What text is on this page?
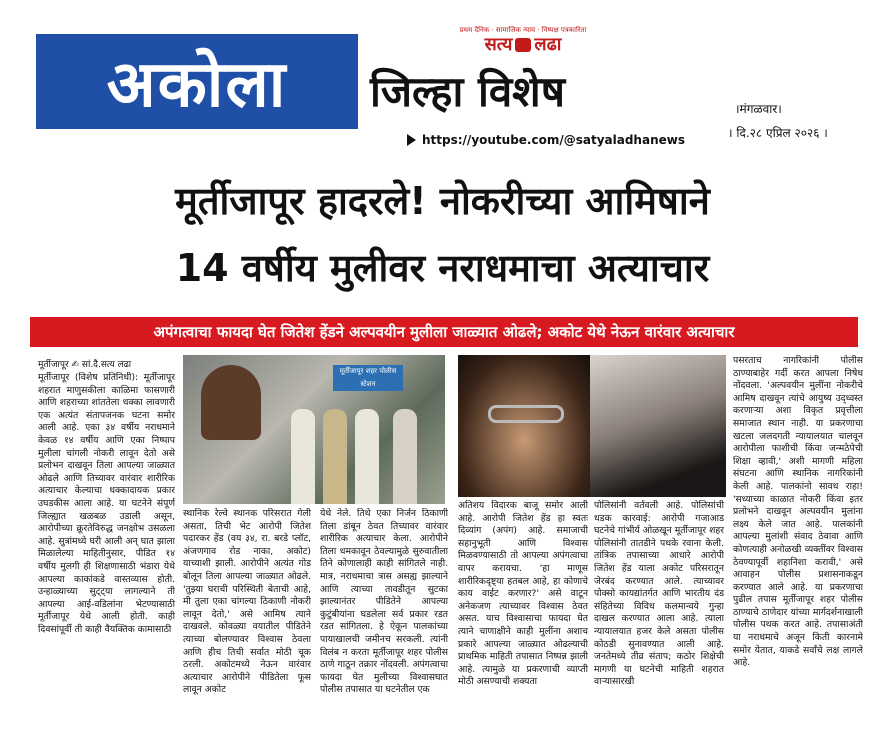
अकोला
प्रथम दैनिक · सामाजिक न्याय · निष्पक्ष पत्रकारिता
सत्य लढा
जिल्हा विशेष
https://youtube.com/@satyaladhanews
।मंगळवार।
। दि.२८ एप्रिल २०२६ ।
मूर्तीजापूर हादरले! नोकरीच्या आमिषाने
14 वर्षीय मुलीवर नराधमाचा अत्याचार
अपंगत्वाचा फायदा घेत जितेश हेंडने अल्पवयीन मुलीला जाळ्यात ओढले; अकोट येथे नेऊन वारंवार अत्याचार
मूर्तीजापूर ✍ सां.दै.सत्य लढा
मूर्तीजापूर (विशेष प्रतिनिधी): मूर्तीजापूर शहरात माणुसकीला काळिमा फासणारी आणि शहराच्या शांततेला धक्का लावणारी एक अत्यंत संतापजनक घटना समोर आली आहे. एका ३४ वर्षीय नराधमाने केवळ १४ वर्षीय आणि एका निष्पाप मुलीला चांगली नोकरी लावून देतो असे प्रलोभन दाखवून तिला आपल्या जाळ्यात ओढले आणि तिच्यावर वारंवार शारीरिक अत्याचार केल्याचा धक्कादायक प्रकार उघडकीस आला आहे. या घटनेने संपूर्ण जिल्ह्यात खळबळ उडाली असून, आरोपीच्या क्रूरतेविरुद्ध जनक्षोभ उसळला आहे. सुत्रांमध्ये घरी आली अन् घात झाला मिळालेल्या माहितीनुसार, पीडित १४ वर्षीय मुलगी ही शिक्षणासाठी भंडारा येथे आपल्या काकांकडे वास्तव्यास होती. उन्हाळ्याच्या सुट्ट्या लागल्याने ती आपल्या आई-वडिलांना भेटण्यासाठी मूर्तीजापूर येथे आली होती. काही दिवसांपूर्वी ती काही वैयक्तिक कामासाठी
मूर्तीजापूर शहर पोलीस स्टेशन
स्थानिक रेल्वे स्थानक परिसरात गेली असता, तिची भेट आरोपी जितेश पदारकर हेंड (वय ३४, रा. बरडे प्लॉट, अंजणगाव रोड नाका, अकोट) याच्याशी झाली. आरोपीने अत्यंत गोड बोलून तिला आपल्या जाळ्यात ओढले. 'तुझ्या घराची परिस्थिती बेताची आहे, मी तुला एका चांगल्या ठिकाणी नोकरी लावून देतो,' असे आमिष त्याने दाखवले. कोवळ्या वयातील पीडितेने त्याच्या बोलण्यावर विश्वास ठेवला आणि हीच तिची सर्वात मोठी चूक ठरली. अकोटमध्ये नेऊन वारंवार अत्याचार आरोपीने पीडितेला फूस लावून अकोट
येथे नेले. तिथे एका निर्जन ठिकाणी तिला डांबून ठेवत तिच्यावर वारंवार शारीरिक अत्याचार केला. आरोपीने तिला धमकावून ठेवल्यामुळे सुरुवातीला तिने कोणालाही काही सांगितले नाही. मात्र, नराधमाचा त्रास असह्य झाल्याने आणि त्याच्या तावडीतून सुटका झाल्यानंतर पीडितेने आपल्या कुटुंबीयांना घडलेला सर्व प्रकार रडत रडत सांगितला. हे ऐकून पालकांच्या पायाखालची जमीनच सरकली. त्यांनी विलंब न करता मूर्तीजापूर शहर पोलीस ठाणे गाठून तक्रार नोंदवली. अपंगत्वाचा फायदा घेत मुलीच्या विश्वासघात पोलीस तपासात या घटनेतील एक
अतिशय विदारक बाजू समोर आली आहे. आरोपी जितेश हेंड हा स्वतः दिव्यांग (अपंग) आहे. समाजाची सहानुभूती आणि विश्वास मिळवण्यासाठी तो आपल्या अपंगत्वाचा वापर करायचा. 'हा माणूस शारीरिकदृष्ट्या हतबल आहे, हा कोणाचे काय वाईट करणार?' असे वाटून अनेकजण त्याच्यावर विश्वास ठेवत असत. याच विश्वासाचा फायदा घेत त्याने चाणाक्षीने काही मुलींना अशाच प्रकारे आपल्या जाळ्यात ओढल्याची प्राथमिक माहिती तपासात निष्पन्न झाली आहे. त्यामुळे या प्रकरणाची व्याप्ती मोठी असण्याची शक्यता
पोलिसांनी वर्तवली आहे. पोलिसांची धडक कारवाई: आरोपी गजाआड घटनेचे गांभीर्य ओळखून मूर्तीजापूर शहर पोलिसांनी तातडीने पथके रवाना केली. तांत्रिक तपासाच्या आधारे आरोपी जितेश हेंड याला अकोट परिसरातून जेरबंद करण्यात आले. त्याच्यावर पोक्सो कायद्यांतर्गत आणि भारतीय दंड संहितेच्या विविध कलमान्वये गुन्हा दाखल करण्यात आला आहे. त्याला न्यायालयात हजर केले असता पोलीस कोठडी सुनावण्यात आली आहे. जनतेमध्ये तीव्र संताप; कठोर शिक्षेची मागणी या घटनेची माहिती शहरात वाऱ्यासारखी
पसरताच नागरिकांनी पोलीस ठाण्याबाहेर गर्दी करत आपला निषेध नोंदवला. 'अल्पवयीन मुलींना नोकरीचे आमिष दाखवून त्यांचे आयुष्य उद्ध्वस्त करणाऱ्या अशा विकृत प्रवृत्तीला समाजात स्थान नाही. या प्रकरणाचा खटला जलदगती न्यायालयात चालवून आरोपीला फाशीची किंवा जन्मठेपेची शिक्षा व्हावी,' अशी मागणी महिला संघटना आणि स्थानिक नागरिकांनी केली आहे. पालकांनो सावध राहा! 'सध्याच्या काळात नोकरी किंवा इतर प्रलोभने दाखवून अल्पवयीन मुलांना लक्ष्य केले जात आहे. पालकांनी आपल्या मुलांशी संवाद ठेवावा आणि कोणत्याही अनोळखी व्यक्तींवर विश्वास ठेवण्यापूर्वी शहानिशा करावी,' असे आवाहन पोलीस प्रशासनाकडून करण्यात आले आहे. या प्रकरणाचा पुढील तपास मूर्तीजापूर शहर पोलीस ठाण्याचे ठाणेदार यांच्या मार्गदर्शनाखाली पोलीस पथक करत आहे. तपासाअंती या नराधमाचे अजून किती कारनामे समोर येतात, याकडे सर्वांचे लक्ष लागले आहे.
